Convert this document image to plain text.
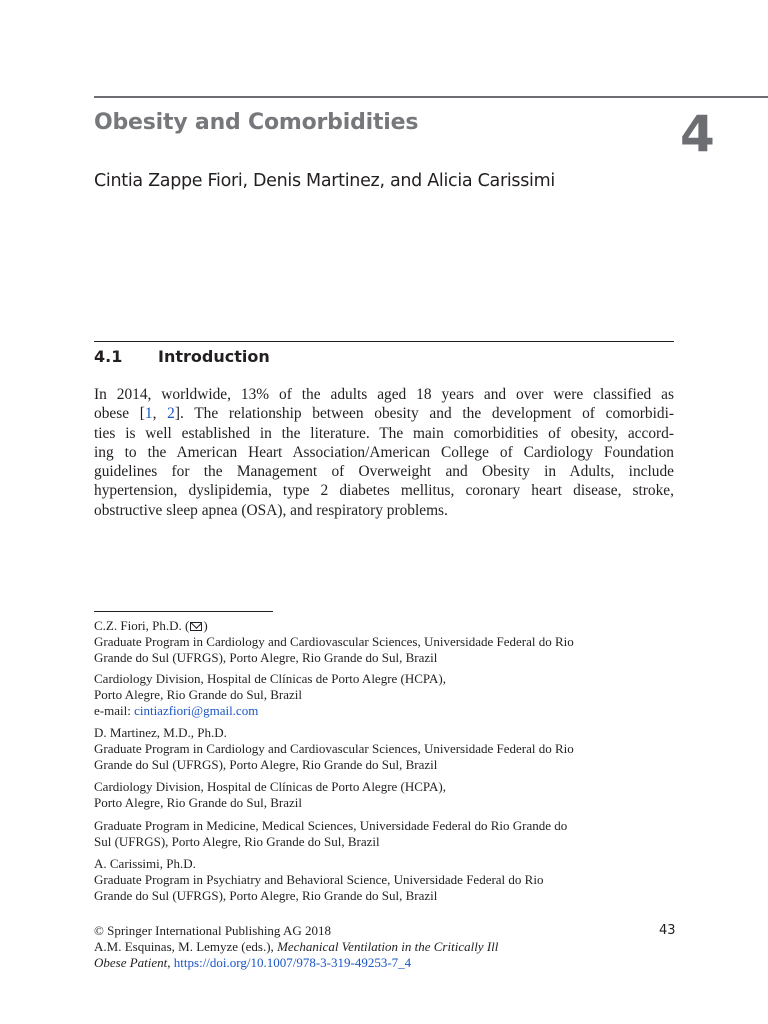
Obesity and Comorbidities	4
Cintia Zappe Fiori, Denis Martinez, and Alicia Carissimi
4.1 Introduction
In 2014, worldwide, 13% of the adults aged 18 years and over were classified as
obese [1, 2]. The relationship between obesity and the development of comorbidi-
ties is well established in the literature. The main comorbidities of obesity, accord-
ing to the American Heart Association/American College of Cardiology Foundation
guidelines for the Management of Overweight and Obesity in Adults, include
hypertension, dyslipidemia, type 2 diabetes mellitus, coronary heart disease, stroke,
obstructive sleep apnea (OSA), and respiratory problems.
C.Z. Fiori, Ph.D. ( )
Graduate Program in Cardiology and Cardiovascular Sciences, Universidade Federal do Rio
Grande do Sul (UFRGS), Porto Alegre, Rio Grande do Sul, Brazil
Cardiology Division, Hospital de Clínicas de Porto Alegre (HCPA),
Porto Alegre, Rio Grande do Sul, Brazil
e-mail: cintiazfiori@gmail.com
D. Martinez, M.D., Ph.D.
Graduate Program in Cardiology and Cardiovascular Sciences, Universidade Federal do Rio
Grande do Sul (UFRGS), Porto Alegre, Rio Grande do Sul, Brazil
Cardiology Division, Hospital de Clínicas de Porto Alegre (HCPA),
Porto Alegre, Rio Grande do Sul, Brazil
Graduate Program in Medicine, Medical Sciences, Universidade Federal do Rio Grande do
Sul (UFRGS), Porto Alegre, Rio Grande do Sul, Brazil
A. Carissimi, Ph.D.
Graduate Program in Psychiatry and Behavioral Science, Universidade Federal do Rio
Grande do Sul (UFRGS), Porto Alegre, Rio Grande do Sul, Brazil
© Springer International Publishing AG 2018
A.M. Esquinas, M. Lemyze (eds.), Mechanical Ventilation in the Critically Ill
Obese Patient, https://doi.org/10.1007/978-3-319-49253-7_4
43
